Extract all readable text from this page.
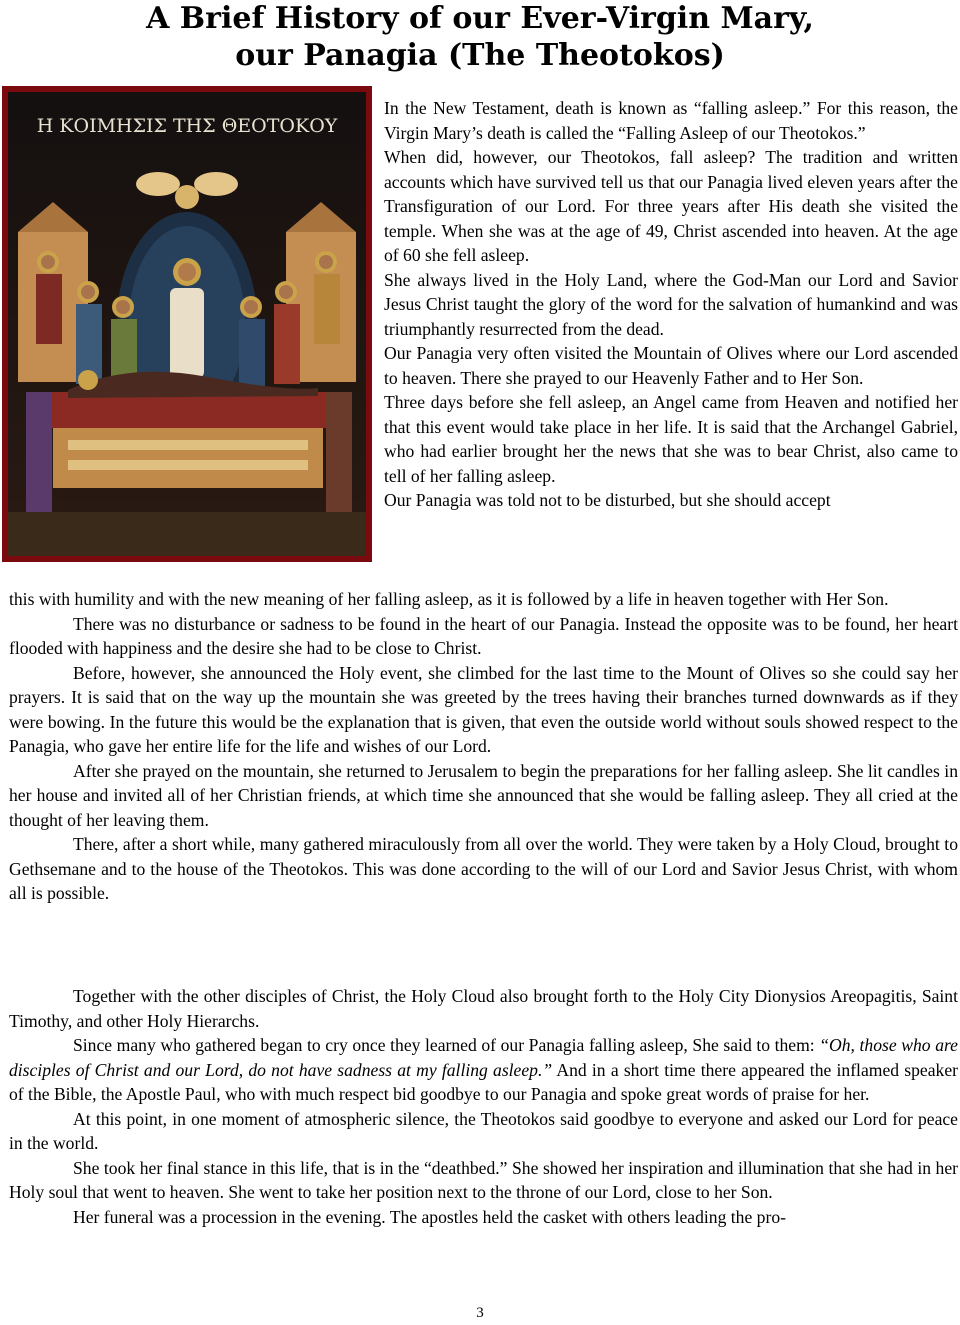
A Brief History of our Ever-Virgin Mary,
our Panagia (The Theotokos)
Η ΚΟΙΜΗΣΙΣ ΤΗΣ ΘΕΟΤΟΚΟΥ

In the New Testament, death is known as “falling asleep.” For this reason, the Virgin Mary’s death is called the “Falling Asleep of our Theotokos.”

When did, however, our Theotokos, fall asleep? The tradition and written accounts which have survived tell us that our Panagia lived eleven years after the Transfiguration of our Lord. For three years after His death she visited the temple. When she was at the age of 49, Christ ascended into heaven. At the age of 60 she fell asleep.

She always lived in the Holy Land, where the God-Man our Lord and Savior Jesus Christ taught the glory of the word for the salvation of humankind and was triumphantly resurrected from the dead.

Our Panagia very often visited the Mountain of Olives where our Lord ascended to heaven. There she prayed to our Heavenly Father and to Her Son.

Three days before she fell asleep, an Angel came from Heaven and notified her that this event would take place in her life. It is said that the Archangel Gabriel, who had earlier brought her the news that she was to bear Christ, also came to tell of her falling asleep.

Our Panagia was told not to be disturbed, but she should accept

this with humility and with the new meaning of her falling asleep, as it is followed by a life in heaven together with Her Son.

There was no disturbance or sadness to be found in the heart of our Panagia. Instead the opposite was to be found, her heart flooded with happiness and the desire she had to be close to Christ.

Before, however, she announced the Holy event, she climbed for the last time to the Mount of Olives so she could say her prayers. It is said that on the way up the mountain she was greeted by the trees having their branches turned downwards as if they were bowing. In the future this would be the explanation that is given, that even the outside world without souls showed respect to the Panagia, who gave her entire life for the life and wishes of our Lord.

After she prayed on the mountain, she returned to Jerusalem to begin the preparations for her falling asleep. She lit candles in her house and invited all of her Christian friends, at which time she announced that she would be falling asleep. They all cried at the thought of her leaving them.

There, after a short while, many gathered miraculously from all over the world. They were taken by a Holy Cloud, brought to Gethsemane and to the house of the Theotokos. This was done according to the will of our Lord and Savior Jesus Christ, with whom all is possible.

Together with the other disciples of Christ, the Holy Cloud also brought forth to the Holy City Dionysios Areopagitis, Saint Timothy, and other Holy Hierarchs.

Since many who gathered began to cry once they learned of our Panagia falling asleep, She said to them: “Oh, those who are disciples of Christ and our Lord, do not have sadness at my falling asleep.” And in a short time there appeared the inflamed speaker of the Bible, the Apostle Paul, who with much respect bid goodbye to our Panagia and spoke great words of praise for her.

At this point, in one moment of atmospheric silence, the Theotokos said goodbye to everyone and asked our Lord for peace in the world.

She took her final stance in this life, that is in the “deathbed.” She showed her inspiration and illumination that she had in her Holy soul that went to heaven. She went to take her position next to the throne of our Lord, close to her Son.

Her funeral was a procession in the evening. The apostles held the casket with others leading the pro-

3
